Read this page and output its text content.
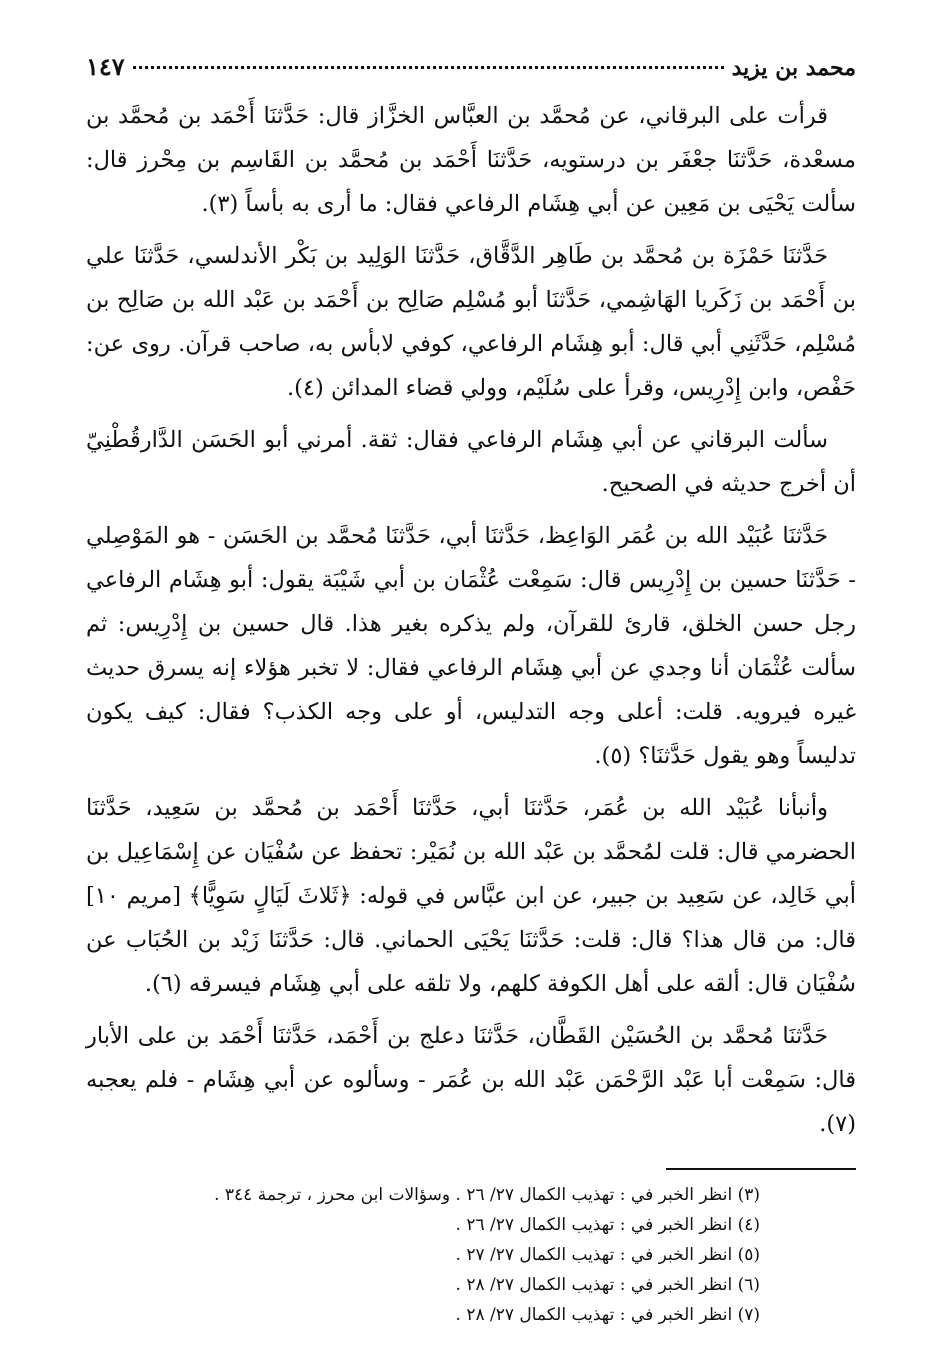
محمد بن يزيد
١٤٧

قرأت على البرقاني، عن مُحمَّد بن العبَّاس الخزَّاز قال: حَدَّثنَا أَحْمَد بن مُحمَّد بن مسعْدة، حَدَّثنَا جعْفَر بن درستويه، حَدَّثنَا أَحْمَد بن مُحمَّد بن القَاسِم بن مِحْرز قال: سألت يَحْيَى بن مَعِين عن أبي هِشَام الرفاعي فقال: ما أرى به بأساً (٣).

حَدَّثنَا حَمْزَة بن مُحمَّد بن طَاهِر الدَّقَّاق، حَدَّثنَا الوَلِيد بن بَكْر الأندلسي، حَدَّثنَا علي بن أَحْمَد بن زَكَريا الهَاشِمي، حَدَّثنَا أبو مُسْلِم صَالِح بن أَحْمَد بن عَبْد الله بن صَالِح بن مُسْلِم، حَدَّثَنِي أبي قال: أبو هِشَام الرفاعي، كوفي لابأس به، صاحب قرآن. روى عن: حَفْص، وابن إِدْرِيس، وقرأ على سُلَيْم، وولي قضاء المدائن (٤).

سألت البرقاني عن أبي هِشَام الرفاعي فقال: ثقة. أمرني أبو الحَسَن الدَّارقُطْنِيّ أن أخرج حديثه في الصحيح.

حَدَّثنَا عُبَيْد الله بن عُمَر الوَاعِظ، حَدَّثنَا أبي، حَدَّثنَا مُحمَّد بن الحَسَن - هو المَوْصِلي - حَدَّثنَا حسين بن إِدْرِيس قال: سَمِعْت عُثْمَان بن أبي شَيْبَة يقول: أبو هِشَام الرفاعي رجل حسن الخلق، قارئ للقرآن، ولم يذكره بغير هذا. قال حسين بن إِدْرِيس: ثم سألت عُثْمَان أنا وجدي عن أبي هِشَام الرفاعي فقال: لا تخبر هؤلاء إنه يسرق حديث غيره فيرويه. قلت: أعلى وجه التدليس، أو على وجه الكذب؟ فقال: كيف يكون تدليساً وهو يقول حَدَّثنَا؟ (٥).

وأنبأنا عُبَيْد الله بن عُمَر، حَدَّثنَا أبي، حَدَّثنَا أَحْمَد بن مُحمَّد بن سَعِيد، حَدَّثنَا الحضرمي قال: قلت لمُحمَّد بن عَبْد الله بن نُمَيْر: تحفظ عن سُفْيَان عن إِسْمَاعِيل بن أبي خَالِد، عن سَعِيد بن جبير، عن ابن عبَّاس في قوله: ﴿ثَلاثَ لَيَالٍ سَوِيًّا﴾ [مريم ١٠] قال: من قال هذا؟ قال: قلت: حَدَّثنَا يَحْيَى الحماني. قال: حَدَّثنَا زَيْد بن الحُبَاب عن سُفْيَان قال: ألقه على أهل الكوفة كلهم، ولا تلقه على أبي هِشَام فيسرقه (٦).

حَدَّثنَا مُحمَّد بن الحُسَيْن القَطَّان، حَدَّثنَا دعلج بن أَحْمَد، حَدَّثنَا أَحْمَد بن على الأبار قال: سَمِعْت أبا عَبْد الرَّحْمَن عَبْد الله بن عُمَر - وسألوه عن أبي هِشَام - فلم يعجبه (٧).

(٣) انظر الخبر في : تهذيب الكمال ٢٧/ ٢٦ . وسؤالات ابن محرز ، ترجمة ٣٤٤ .

(٤) انظر الخبر في : تهذيب الكمال ٢٧/ ٢٦ .

(٥) انظر الخبر في : تهذيب الكمال ٢٧/ ٢٧ .

(٦) انظر الخبر في : تهذيب الكمال ٢٧/ ٢٨ .

(٧) انظر الخبر في : تهذيب الكمال ٢٧/ ٢٨ .
